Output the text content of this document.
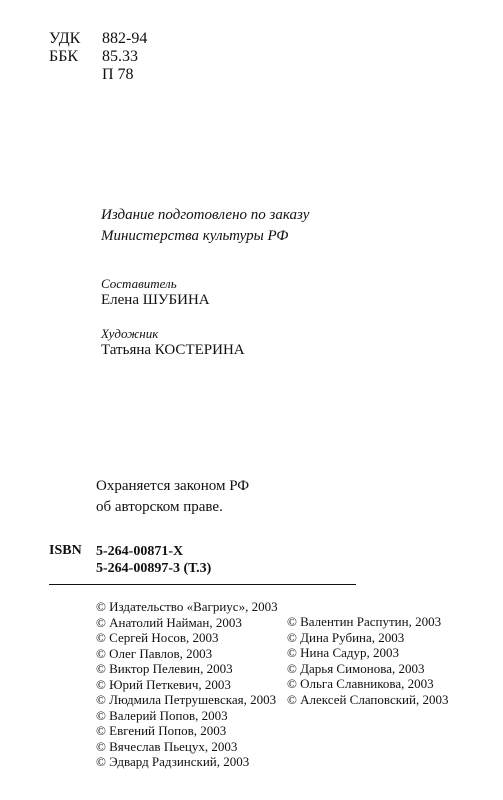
УДК
ББК
882-94
85.33
П 78
Издание подготовлено по заказу
Министерства культуры РФ
Составитель
Елена ШУБИНА
Художник
Татьяна КОСТЕРИНА
Охраняется законом РФ
об авторском праве.
ISBN 5-264-00871-X
5-264-00897-3 (Т.3)
© Издательство «Вагриус», 2003
© Анатолий Найман, 2003
© Сергей Носов, 2003
© Олег Павлов, 2003
© Виктор Пелевин, 2003
© Юрий Петкевич, 2003
© Людмила Петрушевская, 2003
© Валерий Попов, 2003
© Евгений Попов, 2003
© Вячеслав Пьецух, 2003
© Эдвард Радзинский, 2003
© Валентин Распутин, 2003
© Дина Рубина, 2003
© Нина Садур, 2003
© Дарья Симонова, 2003
© Ольга Славникова, 2003
© Алексей Слаповский, 2003
